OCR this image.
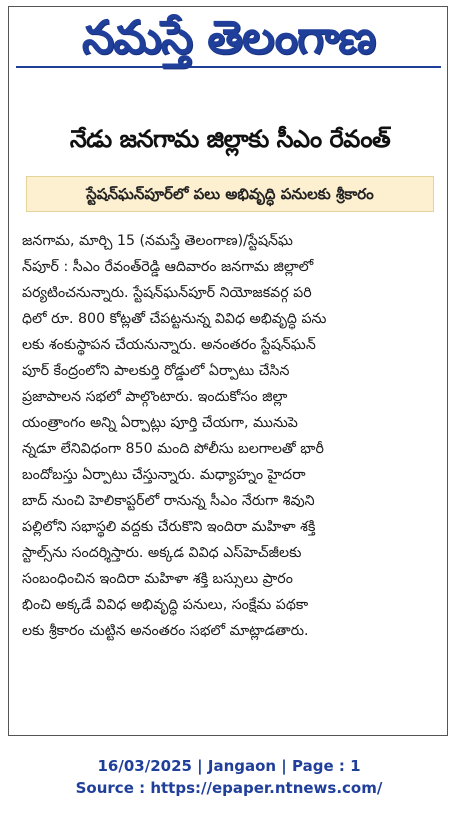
నమస్తే తెలంగాణ
నేడు జనగామ జిల్లాకు సీఎం రేవంత్
స్టేషన్‌ఘన్‌పూర్‌లో పలు అభివృద్ధి పనులకు శ్రీకారం
జనగామ, మార్చి 15 (నమస్తే తెలంగాణ)/స్టేషన్‌ఘ
న్‌పూర్ : సీఎం రేవంత్‌రెడ్డి ఆదివారం జనగామ జిల్లాలో
పర్యటించనున్నారు. స్టేషన్‌ఘన్‌పూర్ నియోజకవర్గ పరి
ధిలో రూ. 800 కోట్లతో చేపట్టనున్న వివిధ అభివృద్ధి పను
లకు శంకుస్థాపన చేయనున్నారు. అనంతరం స్టేషన్‌ఘన్
పూర్ కేంద్రంలోని పాలకుర్తి రోడ్డులో ఏర్పాటు చేసిన
ప్రజాపాలన సభలో పాల్గొంటారు. ఇందుకోసం జిల్లా
యంత్రాంగం అన్ని ఏర్పాట్లు పూర్తి చేయగా, మునుపె
న్నడూ లేనివిధంగా 850 మంది పోలీసు బలగాలతో భారీ
బందోబస్తు ఏర్పాటు చేస్తున్నారు. మధ్యాహ్నం హైదరా
బాద్ నుంచి హెలికాప్టర్‌లో రానున్న సీఎం నేరుగా శివుని
పల్లిలోని సభాస్థలి వద్దకు చేరుకొని ఇందిరా మహిళా శక్తి
స్టాల్స్‌ను సందర్శిస్తారు. అక్కడ వివిధ ఎస్‌హెచ్‌జీలకు
సంబంధించిన ఇందిరా మహిళా శక్తి బస్సులు ప్రారం
భించి అక్కడే వివిధ అభివృద్ధి పనులు, సంక్షేమ పథకా
లకు శ్రీకారం చుట్టిన అనంతరం సభలో మాట్లాడతారు.
16/03/2025 | Jangaon | Page : 1
Source : https://epaper.ntnews.com/
